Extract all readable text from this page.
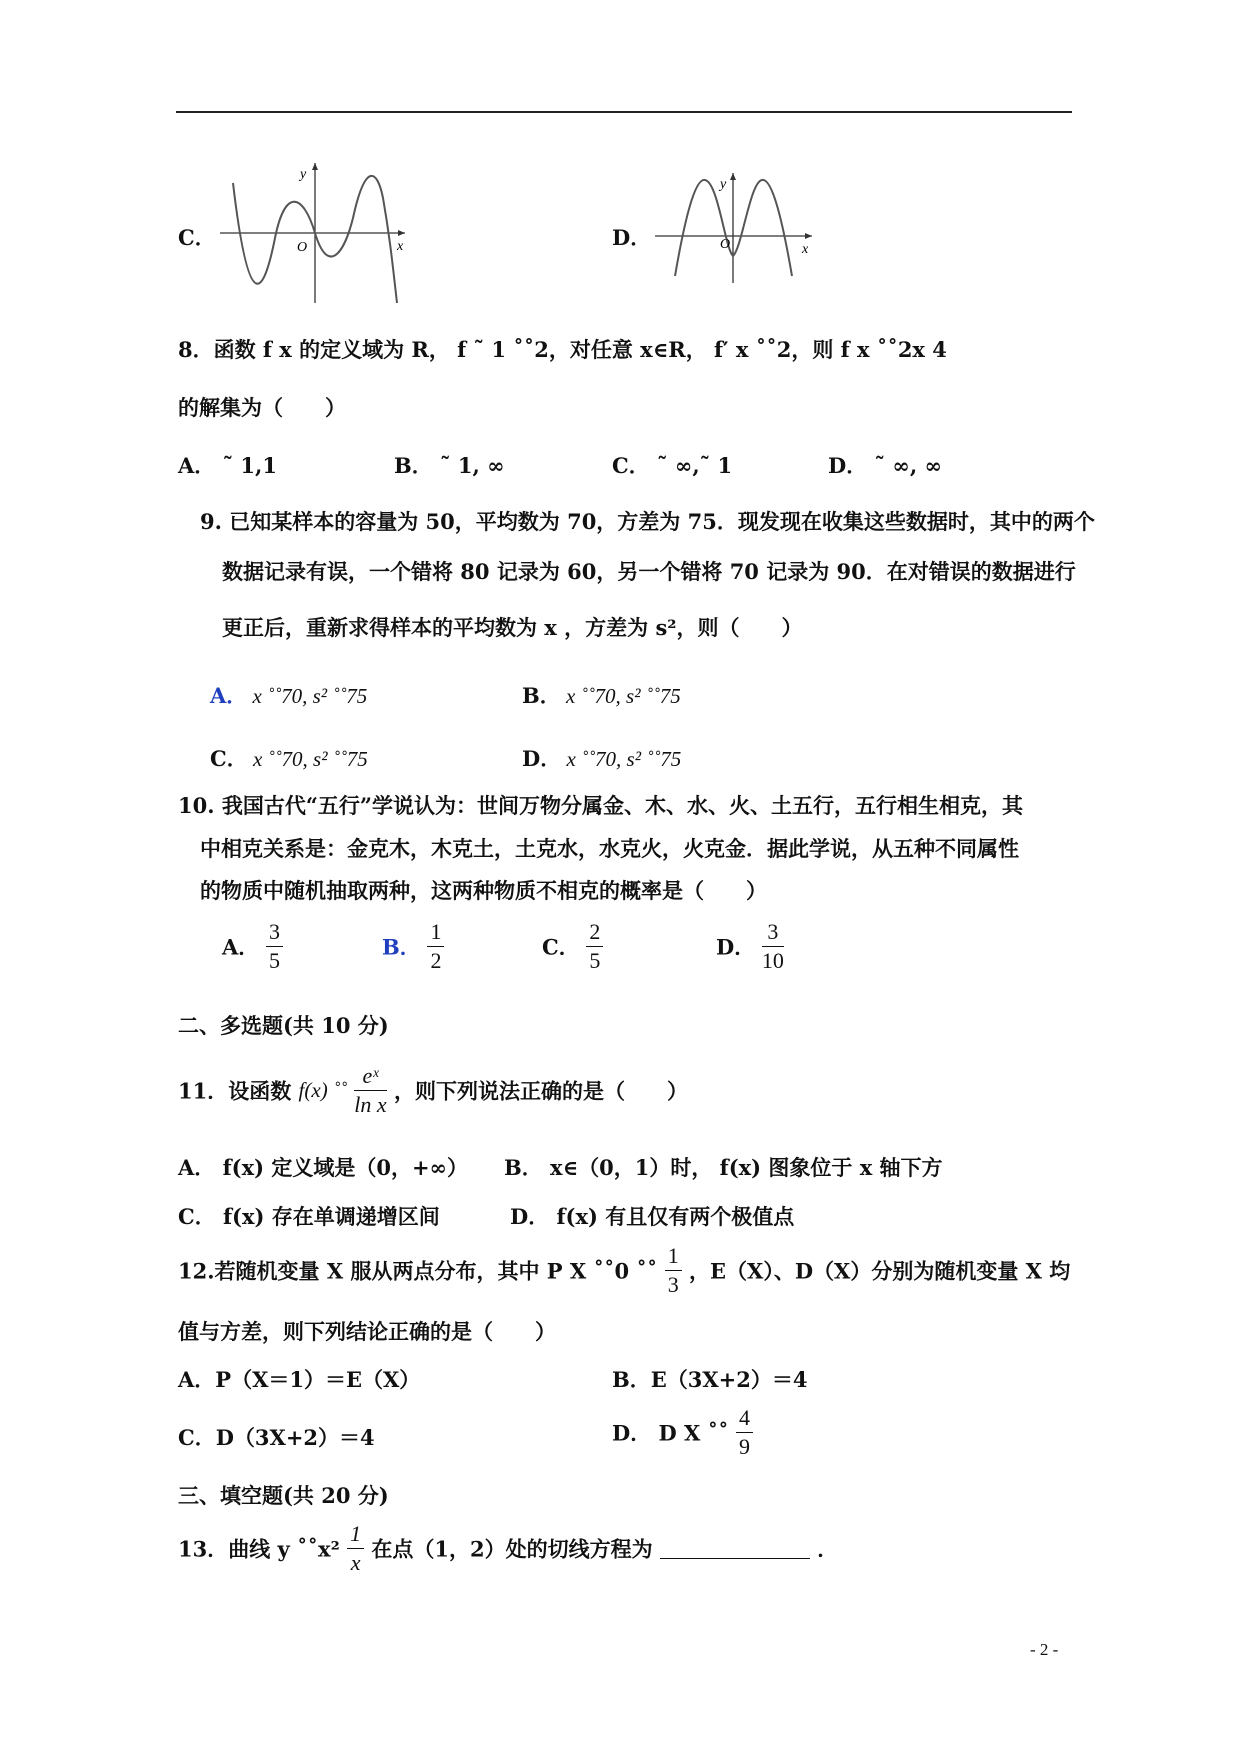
C．
y
x
O	D．
y
x
O
8．函数 f x 的定义域为 R， f ˜ 1 ˚˚2，对任意 x∈R， f′ x ˚˚2，则 f x ˚˚2x 4
的解集为（　　）
A． ˜ 1,1	B． ˜ 1, ∞	C． ˜ ∞,˜ 1	D． ˜ ∞, ∞
9. 已知某样本的容量为 50，平均数为 70，方差为 75．现发现在收集这些数据时，其中的两个
数据记录有误，一个错将 80 记录为 60，另一个错将 70 记录为 90．在对错误的数据进行
更正后，重新求得样本的平均数为 x ，方差为 s²，则（　　）
A． x ˚˚70, s² ˚˚75	B． x ˚˚70, s² ˚˚75
C． x ˚˚70, s² ˚˚75	D． x ˚˚70, s² ˚˚75
10. 我国古代“五行”学说认为：世间万物分属金、木、水、火、土五行，五行相生相克，其
中相克关系是：金克木，木克土，土克水，水克火，火克金．据此学说，从五种不同属性
的物质中随机抽取两种，这两种物质不相克的概率是（　　）
A． $\frac{3}{5}$	B． $\frac{1}{2}$	C． $\frac{2}{5}$	D． $\frac{3}{10}$
二、多选题(共 10 分)
11．设函数 f(x) ˚˚ $\frac{\text{eˣ}}{\text{ln x}}$ ，则下列说法正确的是（　　）
A． f(x) 定义域是（0，+∞） B． x∈（0，1）时， f(x) 图象位于 x 轴下方
C． f(x) 存在单调递增区间	D． f(x) 有且仅有两个极值点
12.若随机变量 X 服从两点分布，其中 P X ˚˚0 ˚˚ $\frac{1}{3}$ ，E（X）、D（X）分别为随机变量 X 均
值与方差，则下列结论正确的是（　　）
A．P（X＝1）＝E（X）	B．E（3X+2）＝4
C．D（3X+2）＝4	D． D X ˚˚ $\frac{4}{9}$
三、填空题(共 20 分)
13．曲线 y ˚˚x² $\frac{1}{x}$ 在点（1，2）处的切线方程为	．
- 2 -
